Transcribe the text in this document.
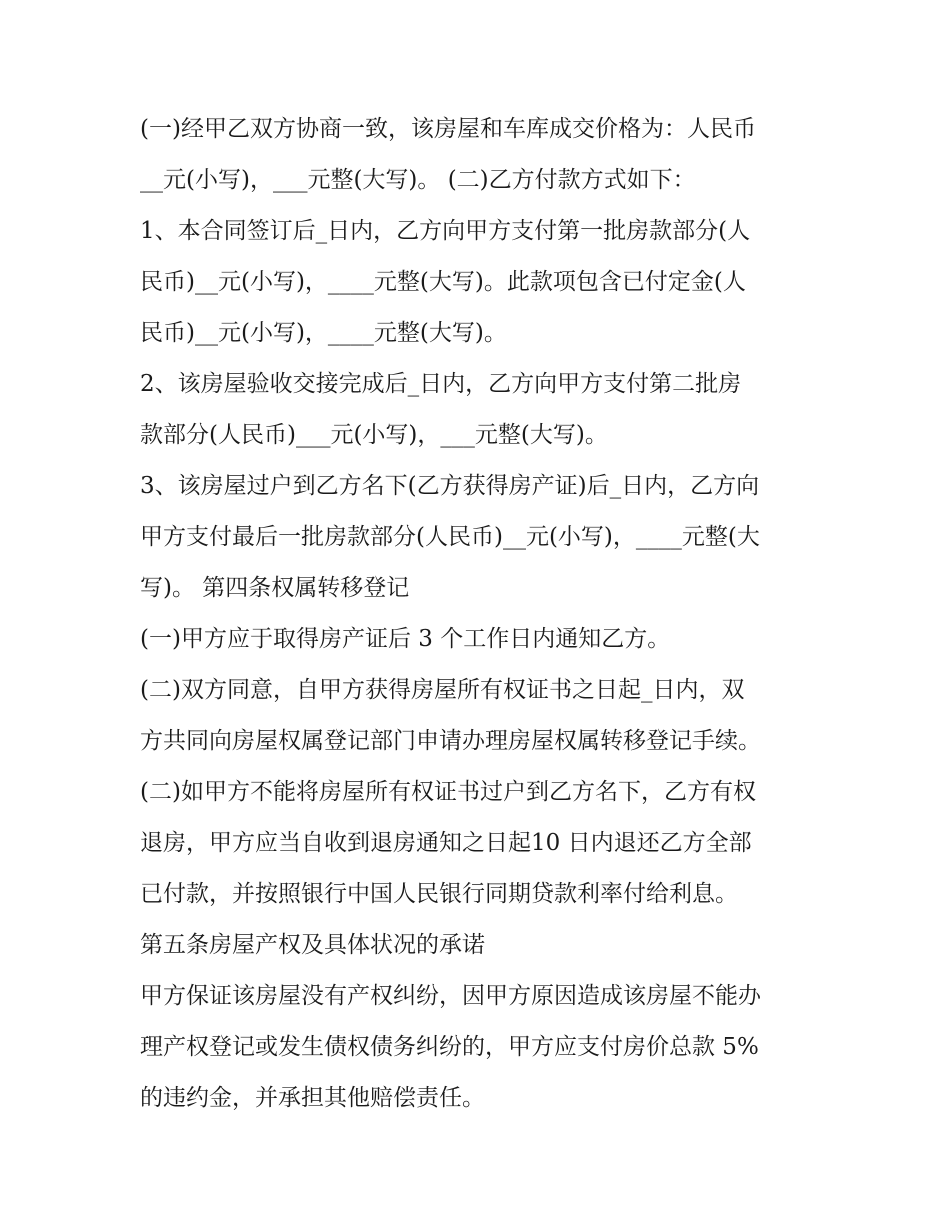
(一)经甲乙双方协商一致，该房屋和车库成交价格为：人民币
__元(小写)，___元整(大写)。 (二)乙方付款方式如下：
1、本合同签订后_日内，乙方向甲方支付第一批房款部分(人
民币)__元(小写)，____元整(大写)。此款项包含已付定金(人
民币)__元(小写)，____元整(大写)。
2、该房屋验收交接完成后_日内，乙方向甲方支付第二批房
款部分(人民币)___元(小写)，___元整(大写)。
3、该房屋过户到乙方名下(乙方获得房产证)后_日内，乙方向
甲方支付最后一批房款部分(人民币)__元(小写)，____元整(大
写)。 第四条权属转移登记
(一)甲方应于取得房产证后 3 个工作日内通知乙方。
(二)双方同意，自甲方获得房屋所有权证书之日起_日内，双
方共同向房屋权属登记部门申请办理房屋权属转移登记手续。
(二)如甲方不能将房屋所有权证书过户到乙方名下，乙方有权
退房，甲方应当自收到退房通知之日起10 日内退还乙方全部
已付款，并按照银行中国人民银行同期贷款利率付给利息。
第五条房屋产权及具体状况的承诺
甲方保证该房屋没有产权纠纷，因甲方原因造成该房屋不能办
理产权登记或发生债权债务纠纷的，甲方应支付房价总款 5%
的违约金，并承担其他赔偿责任。
